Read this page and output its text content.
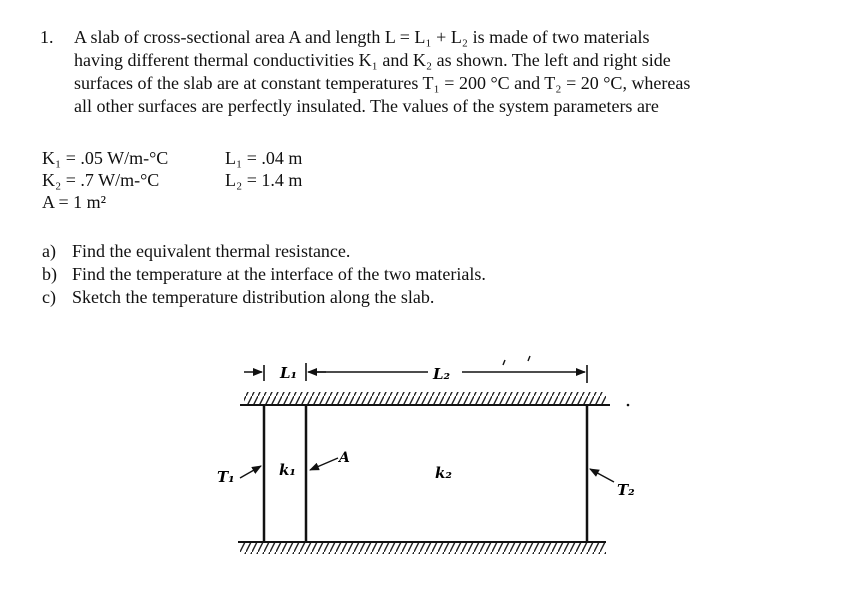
1. A slab of cross-sectional area A and length L = L₁ + L₂ is made of two materials
having different thermal conductivities K₁ and K₂ as shown. The left and right side
surfaces of the slab are at constant temperatures T₁ = 200 °C and T₂ = 20 °C, whereas
all other surfaces are perfectly insulated. The values of the system parameters are
K₁ = .05 W/m-°C
K₂ = .7 W/m-°C
A = 1 m²
L₁ = .04 m
L₂ = 1.4 m
a) Find the equivalent thermal resistance.
b) Find the temperature at the interface of the two materials.
c) Sketch the temperature distribution along the slab.
L₁	L₂
k₁
A
k₂
T₁
T₂
